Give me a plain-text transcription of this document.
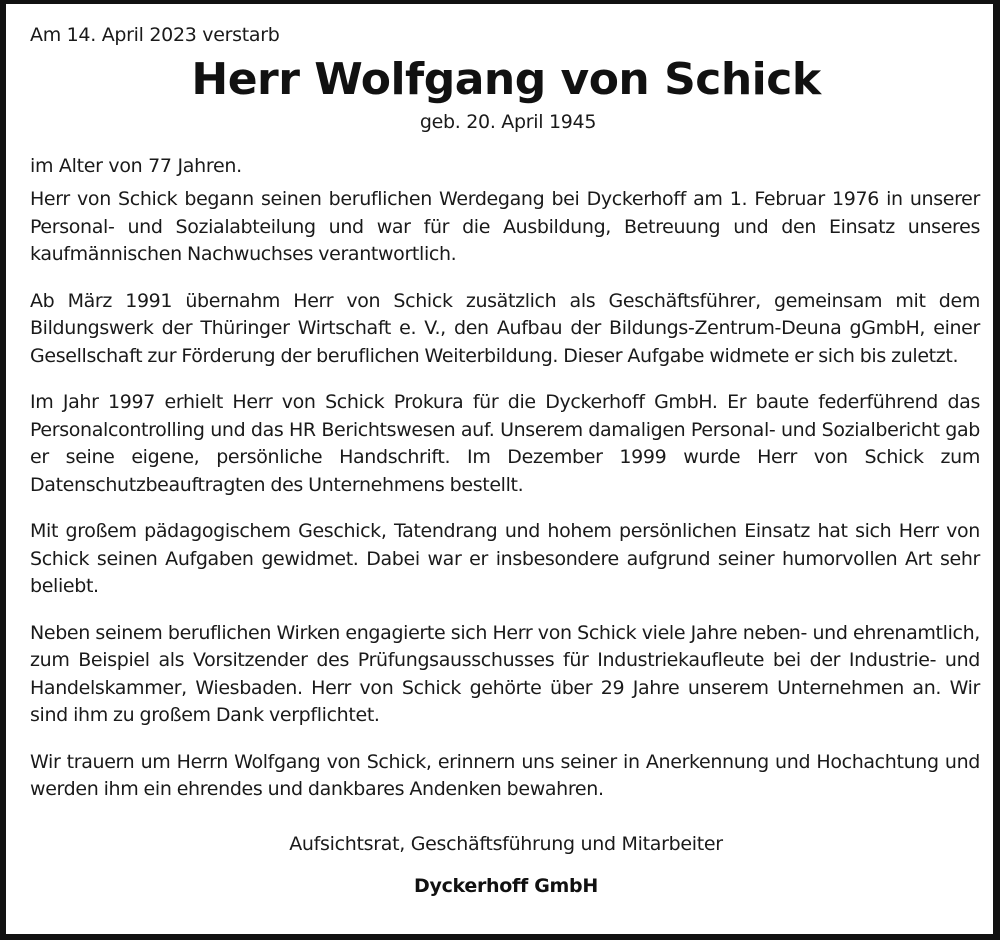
Am 14. April 2023 verstarb
Herr Wolfgang von Schick
geb. 20. April 1945
im Alter von 77 Jahren.

Herr von Schick begann seinen beruflichen Werdegang bei Dyckerhoff am 1. Februar 1976 in unserer Personal- und Sozialabteilung und war für die Ausbildung, Betreuung und den Einsatz unseres kaufmännischen Nachwuchses verantwortlich.

Ab März 1991 übernahm Herr von Schick zusätzlich als Geschäftsführer, gemeinsam mit dem Bildungswerk der Thüringer Wirtschaft e. V., den Aufbau der Bildungs-Zentrum-Deuna gGmbH, einer Gesellschaft zur Förderung der beruflichen Weiterbildung. Dieser Aufgabe widmete er sich bis zuletzt.

Im Jahr 1997 erhielt Herr von Schick Prokura für die Dyckerhoff GmbH. Er baute federführend das Personalcontrolling und das HR Berichtswesen auf. Unserem damaligen Personal- und Sozialbericht gab er seine eigene, persönliche Handschrift. Im Dezember 1999 wurde Herr von Schick zum Datenschutzbeauftragten des Unternehmens bestellt.

Mit großem pädagogischem Geschick, Tatendrang und hohem persönlichen Einsatz hat sich Herr von Schick seinen Aufgaben gewidmet. Dabei war er insbesondere aufgrund seiner humorvollen Art sehr beliebt.

Neben seinem beruflichen Wirken engagierte sich Herr von Schick viele Jahre neben- und ehrenamtlich, zum Beispiel als Vorsitzender des Prüfungsausschusses für Industriekaufleute bei der Industrie- und Handelskammer, Wiesbaden. Herr von Schick gehörte über 29 Jahre unserem Unternehmen an. Wir sind ihm zu großem Dank verpflichtet.

Wir trauern um Herrn Wolfgang von Schick, erinnern uns seiner in Anerkennung und Hochachtung und werden ihm ein ehrendes und dankbares Andenken bewahren.

Aufsichtsrat, Geschäftsführung und Mitarbeiter
Dyckerhoff GmbH
